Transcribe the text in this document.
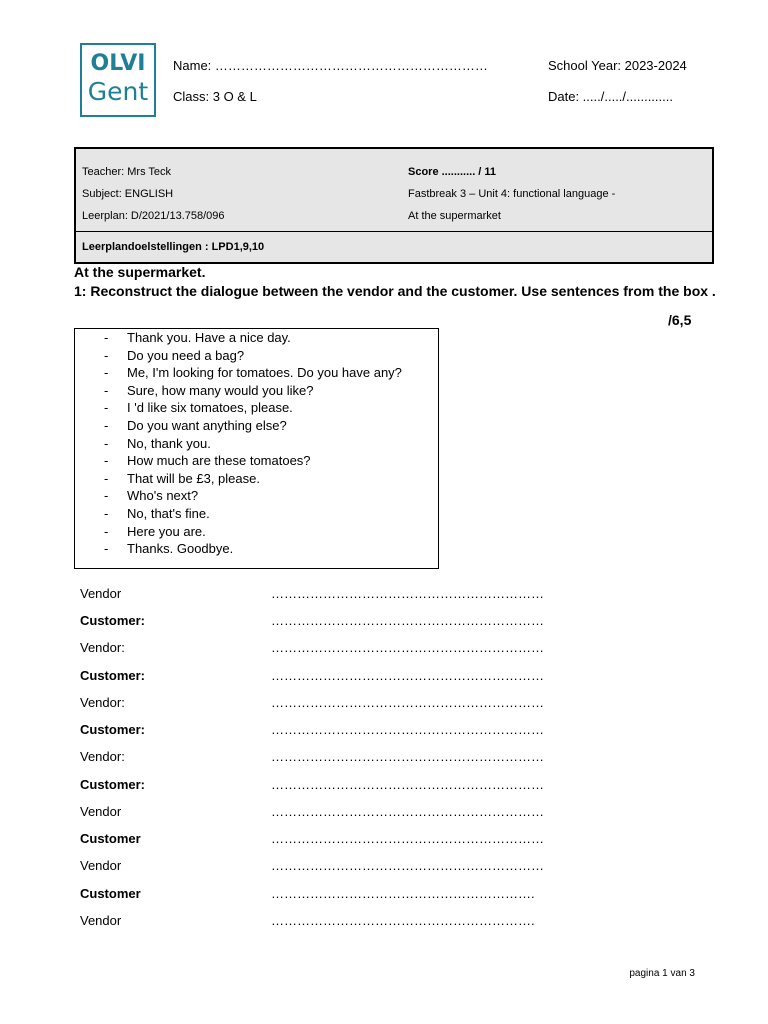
OLVI
Gent
Name: ………………………………………………………
Class: 3 O & L
School Year: 2023-2024
Date: ...../...../.............
Teacher: Mrs Teck
Subject: ENGLISH
Leerplan: D/2021/13.758/096
Score ........... / 11
Fastbreak 3 – Unit 4: functional language -
At the supermarket
Leerplandoelstellingen : LPD1,9,10
At the supermarket.
1: Reconstruct the dialogue between the vendor and the customer. Use sentences from the box .
/6,5
- Thank you. Have a nice day.
- Do you need a bag?
- Me, I'm looking for tomatoes. Do you have any?
- Sure, how many would you like?
- I 'd like six tomatoes, please.
- Do you want anything else?
- No, thank you.
- How much are these tomatoes?
- That will be £3, please.
- Who's next?
- No, that's fine.
- Here you are.
- Thanks. Goodbye.
Vendor	………………………………………………………
Customer:	………………………………………………………
Vendor:	………………………………………………………
Customer:	………………………………………………………
Vendor:	………………………………………………………
Customer:	………………………………………………………
Vendor:	………………………………………………………
Customer:	………………………………………………………
Vendor	………………………………………………………
Customer	………………………………………………………
Vendor	………………………………………………………
Customer	…………………………………………………….
Vendor	…………………………………………………….
pagina 1 van 3
